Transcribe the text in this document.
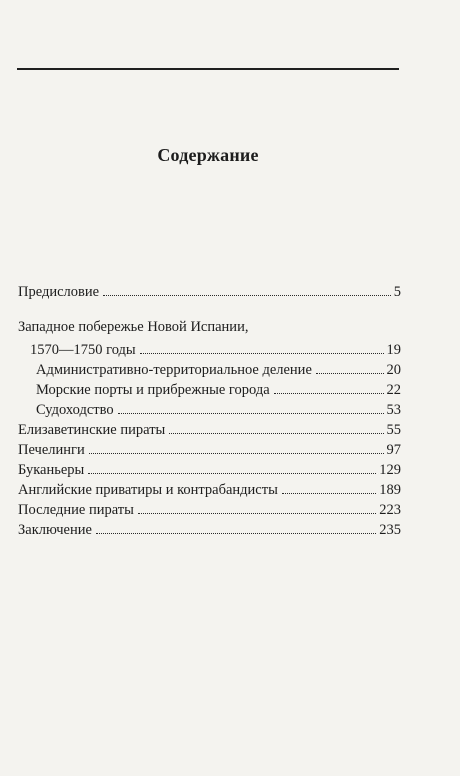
Содержание
Предисловие	5
Западное побережье Новой Испании,
1570—1750 годы	19
Административно-территориальное деление	20
Морские порты и прибрежные города	22
Судоходство	53
Елизаветинские пираты	55
Печелинги	97
Буканьеры	129
Английские приватиры и контрабандисты	189
Последние пираты	223
Заключение	235
